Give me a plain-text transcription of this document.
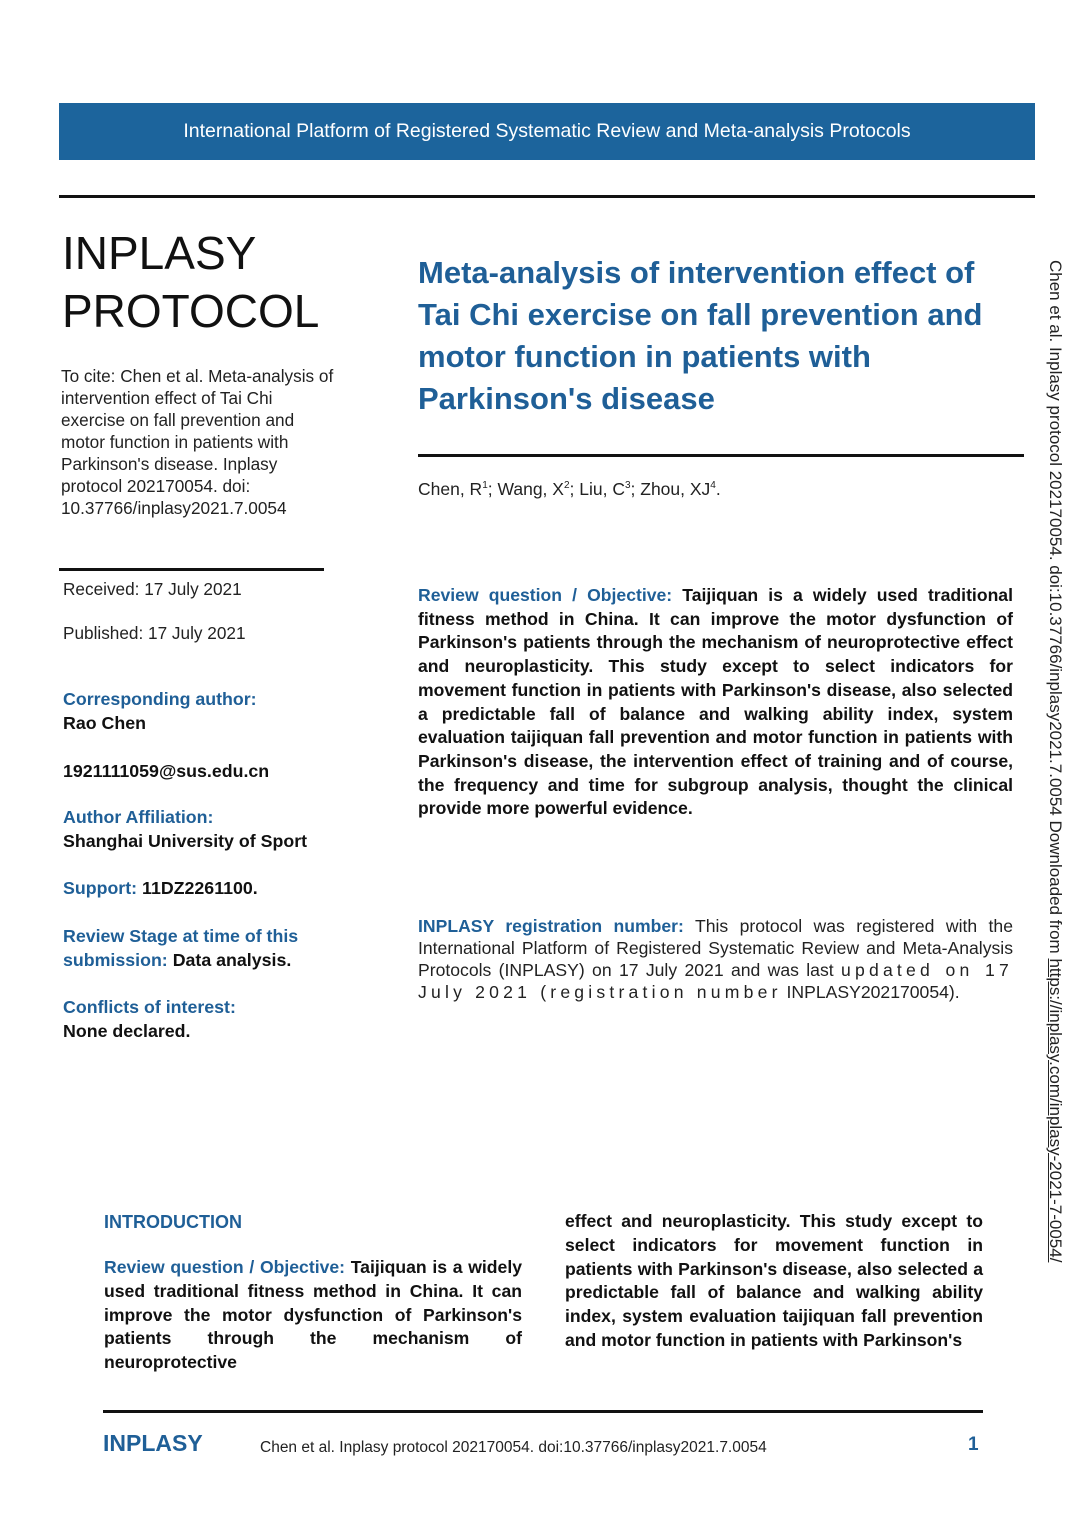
International Platform of Registered Systematic Review and Meta-analysis Protocols
INPLASY
PROTOCOL
To cite: Chen et al. Meta-analysis of intervention effect of Tai Chi exercise on fall prevention and motor function in patients with Parkinson's disease. Inplasy protocol 202170054. doi: 10.37766/inplasy2021.7.0054
Received: 17 July 2021
Published: 17 July 2021
Corresponding author:
Rao Chen
1921111059@sus.edu.cn
Author Affiliation:
Shanghai University of Sport
Support: 11DZ2261100.
Review Stage at time of this submission: Data analysis.
Conflicts of interest:
None declared.
Meta-analysis of intervention effect of Tai Chi exercise on fall prevention and motor function in patients with Parkinson's disease
Chen, $R^1$; Wang, $X^2$; Liu, $C^3$; Zhou, $XJ^4$.
Review question / Objective: Taijiquan is a widely used traditional fitness method in China. It can improve the motor dysfunction of Parkinson's patients through the mechanism of neuroprotective effect and neuroplasticity. This study except to select indicators for movement function in patients with Parkinson's disease, also selected a predictable fall of balance and walking ability index, system evaluation taijiquan fall prevention and motor function in patients with Parkinson's disease, the intervention effect of training and of course, the frequency and time for subgroup analysis, thought the clinical provide more powerful evidence.
INPLASY registration number: This protocol was registered with the International Platform of Registered Systematic Review and Meta-Analysis Protocols (INPLASY) on 17 July 2021 and was last updated on 17 July 2021 (registration number INPLASY202170054).
Chen et al. Inplasy protocol 202170054. doi:10.37766/inplasy2021.7.0054 Downloaded from https://inplasy.com/inplasy-2021-7-0054/
INTRODUCTION
Review question / Objective: Taijiquan is a widely used traditional fitness method in China. It can improve the motor dysfunction of Parkinson's patients through the mechanism of neuroprotective
effect and neuroplasticity. This study except to select indicators for movement function in patients with Parkinson's disease, also selected a predictable fall of balance and walking ability index, system evaluation taijiquan fall prevention and motor function in patients with Parkinson's
INPLASY	Chen et al. Inplasy protocol 202170054. doi:10.37766/inplasy2021.7.0054	1
